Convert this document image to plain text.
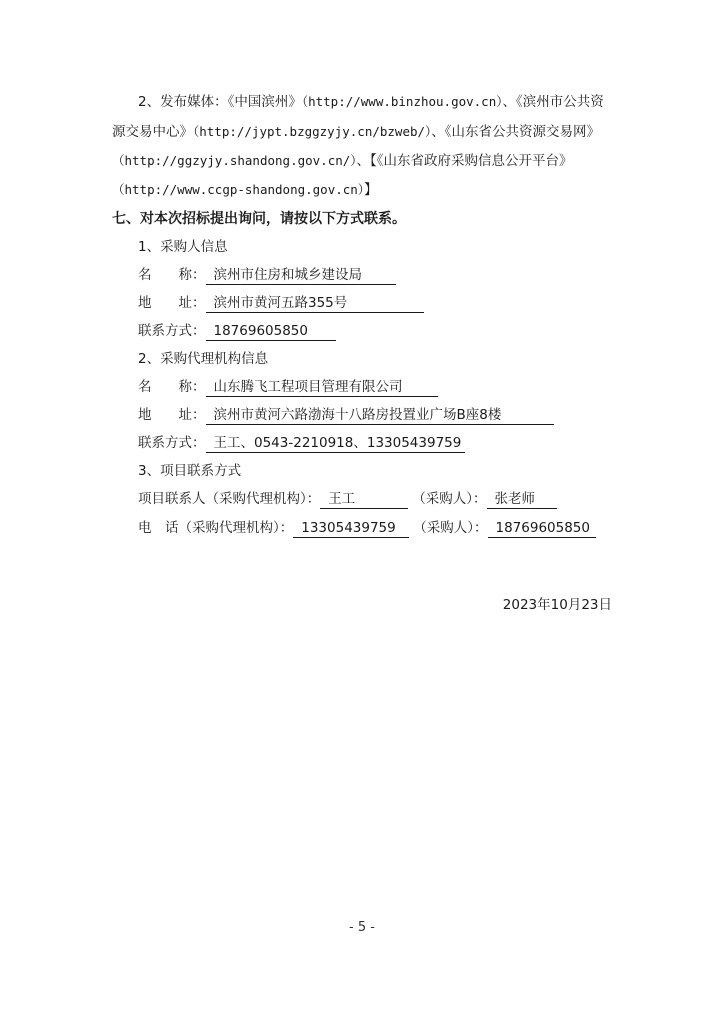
2、发布媒体：《中国滨州》（http://www.binzhou.gov.cn）、《滨州市公共资
源交易中心》（http://jypt.bzggzyjy.cn/bzweb/）、《山东省公共资源交易网》
（http://ggzyjy.shandong.gov.cn/）、【《山东省政府采购信息公开平台》
（http://www.ccgp-shandong.gov.cn）】
七、对本次招标提出询问，请按以下方式联系。
1、采购人信息
名　　称： 滨州市住房和城乡建设局
地　　址： 滨州市黄河五路355号
联系方式： 18769605850
2、采购代理机构信息
名　　称： 山东腾飞工程项目管理有限公司
地　　址： 滨州市黄河六路渤海十八路房投置业广场B座8楼
联系方式： 王工、0543-2210918、13305439759
3、项目联系方式
项目联系人（采购代理机构）： 王工	（采购人）： 张老师
电　话（采购代理机构）： 13305439759 （采购人）： 18769605850
2023年10月23日
- 5 -
